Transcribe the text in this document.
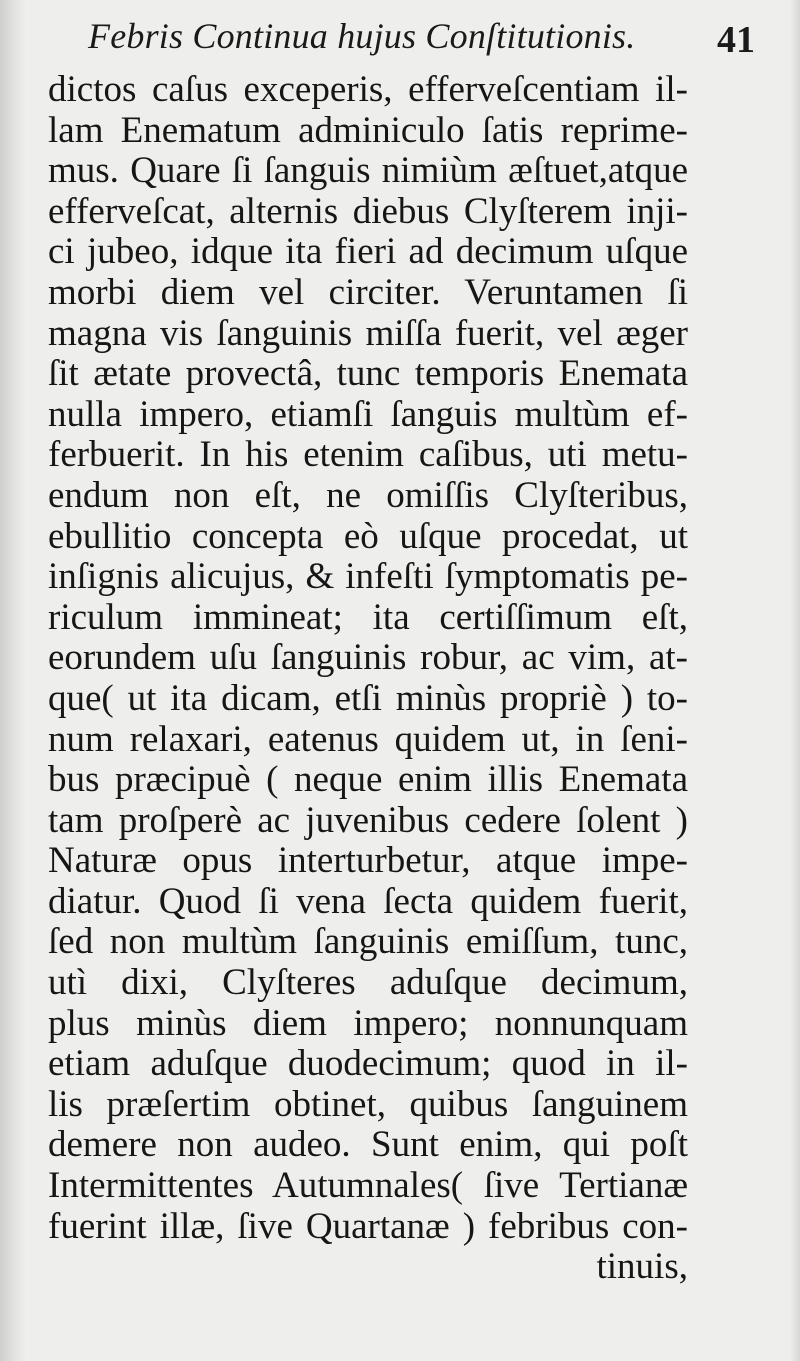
Febris Continua hujus Conſtitutionis.	41
dictos caſus exceperis, efferveſcentiam il-
lam Enematum adminiculo ſatis reprime-
mus. Quare ſi ſanguis nimiùm æſtuet,atque
efferveſcat, alternis diebus Clyſterem inji-
ci jubeo, idque ita fieri ad decimum uſque
morbi diem vel circiter. Veruntamen ſi
magna vis ſanguinis miſſa fuerit, vel æger
ſit ætate provectâ, tunc temporis Enemata
nulla impero, etiamſi ſanguis multùm ef-
ferbuerit. In his etenim caſibus, uti metu-
endum non eſt, ne omiſſis Clyſteribus,
ebullitio concepta eò uſque procedat, ut
inſignis alicujus, & infeſti ſymptomatis pe-
riculum immineat; ita certiſſimum eſt,
eorundem uſu ſanguinis robur, ac vim, at-
que( ut ita dicam, etſi minùs propriè ) to-
num relaxari, eatenus quidem ut, in ſeni-
bus præcipuè ( neque enim illis Enemata
tam proſperè ac juvenibus cedere ſolent )
Naturæ opus interturbetur, atque impe-
diatur. Quod ſi vena ſecta quidem fuerit,
ſed non multùm ſanguinis emiſſum, tunc,
utì dixi, Clyſteres aduſque decimum,
plus minùs diem impero; nonnunquam
etiam aduſque duodecimum; quod in il-
lis præſertim obtinet, quibus ſanguinem
demere non audeo. Sunt enim, qui poſt
Intermittentes Autumnales( ſive Tertianæ
fuerint illæ, ſive Quartanæ ) febribus con-
tinuis,
